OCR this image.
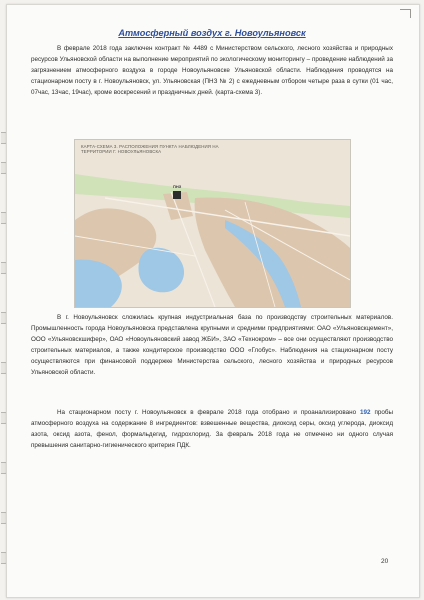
Атмосферный воздух г. Новоульяновск

В феврале 2018 года заключен контракт № 4489 с Министерством сельского, лесного хозяйства и природных ресурсов Ульяновской области на выполнение мероприятий по экологическому мониторингу – проведение наблюдений за загрязнением атмосферного воздуха в городе Новоульяновске Ульяновской области. Наблюдения проводятся на стационарном посту в г. Новоульяновск, ул. Ульяновская (ПНЗ № 2) с ежедневным отбором четыре раза в сутки (01 час, 07час, 13час, 19час), кроме воскресений и праздничных дней. (карта-схема 3).

КАРТА-СХЕМА 3. РАСПОЛОЖЕНИЯ ПУНКТА НАБЛЮДЕНИЯ НА ТЕРРИТОРИИ Г. НОВОУЛЬЯНОВСКА
ПНЗ

В г. Новоульяновск сложилась крупная индустриальная база по производству строительных материалов. Промышленность города Новоульяновска представлена крупными и средними предприятиями: ОАО «Ульяновскцемент», ООО «Ульяновскшифер», ОАО «Новоульяновский завод ЖБИ», ЗАО «Технокром» – все они осуществляют производство строительных материалов, а также кондитерское производство ООО «Глобус». Наблюдения на стационарном посту осуществляются при финансовой поддержке Министерства сельского, лесного хозяйства и природных ресурсов Ульяновской области.

На стационарном посту г. Новоульяновск в феврале 2018 года отобрано и проанализировано 192 пробы атмосферного воздуха на содержание 8 ингредиентов: взвешенные вещества, диоксид серы, оксид углерода, диоксид азота, оксид азота, фенол, формальдегид, гидрохлорид. За февраль 2018 года не отмечено ни одного случая превышения санитарно-гигиенического критерия ПДК.

20
